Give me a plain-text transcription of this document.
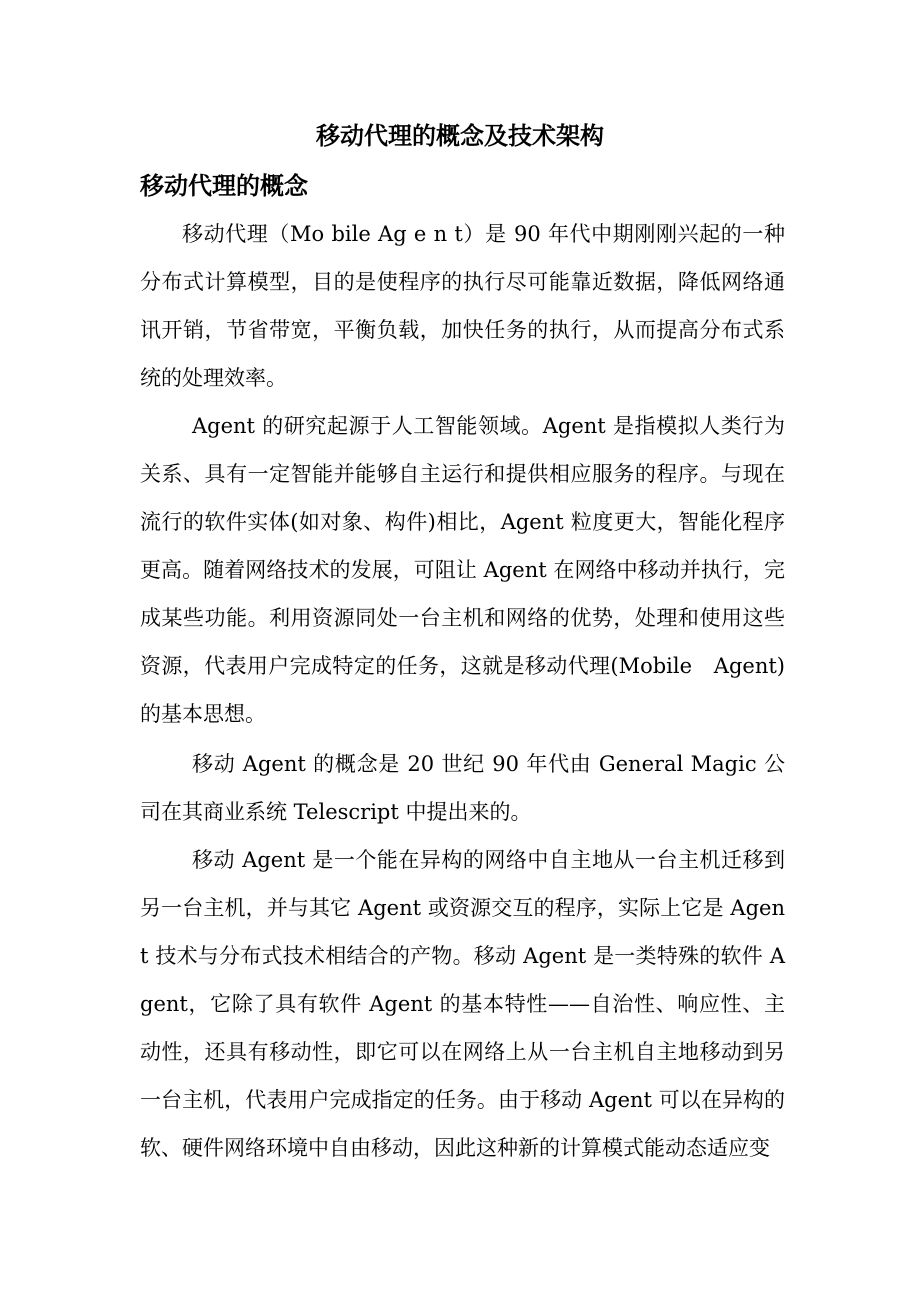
移动代理的概念及技术架构
移动代理的概念

移动代理（Mo bile Ag e n t）是 90 年代中期刚刚兴起的一种分布式计算模型，目的是使程序的执行尽可能靠近数据，降低网络通讯开销，节省带宽，平衡负载，加快任务的执行，从而提高分布式系统的处理效率。

Agent 的研究起源于人工智能领域。Agent 是指模拟人类行为关系、具有一定智能并能够自主运行和提供相应服务的程序。与现在流行的软件实体(如对象、构件)相比，Agent 粒度更大，智能化程序更高。随着网络技术的发展，可阻让 Agent 在网络中移动并执行，完成某些功能。利用资源同处一台主机和网络的优势，处理和使用这些资源，代表用户完成特定的任务，这就是移动代理(Mobile　Agent)的基本思想。

移动 Agent 的概念是 20 世纪 90 年代由 General Magic 公司在其商业系统 Telescript 中提出来的。

移动 Agent 是一个能在异构的网络中自主地从一台主机迁移到另一台主机，并与其它 Agent 或资源交互的程序，实际上它是 Agent 技术与分布式技术相结合的产物。移动 Agent 是一类特殊的软件 Agent，它除了具有软件 Agent 的基本特性——自治性、响应性、主动性，还具有移动性，即它可以在网络上从一台主机自主地移动到另一台主机，代表用户完成指定的任务。由于移动 Agent 可以在异构的软、硬件网络环境中自由移动，因此这种新的计算模式能动态适应变
